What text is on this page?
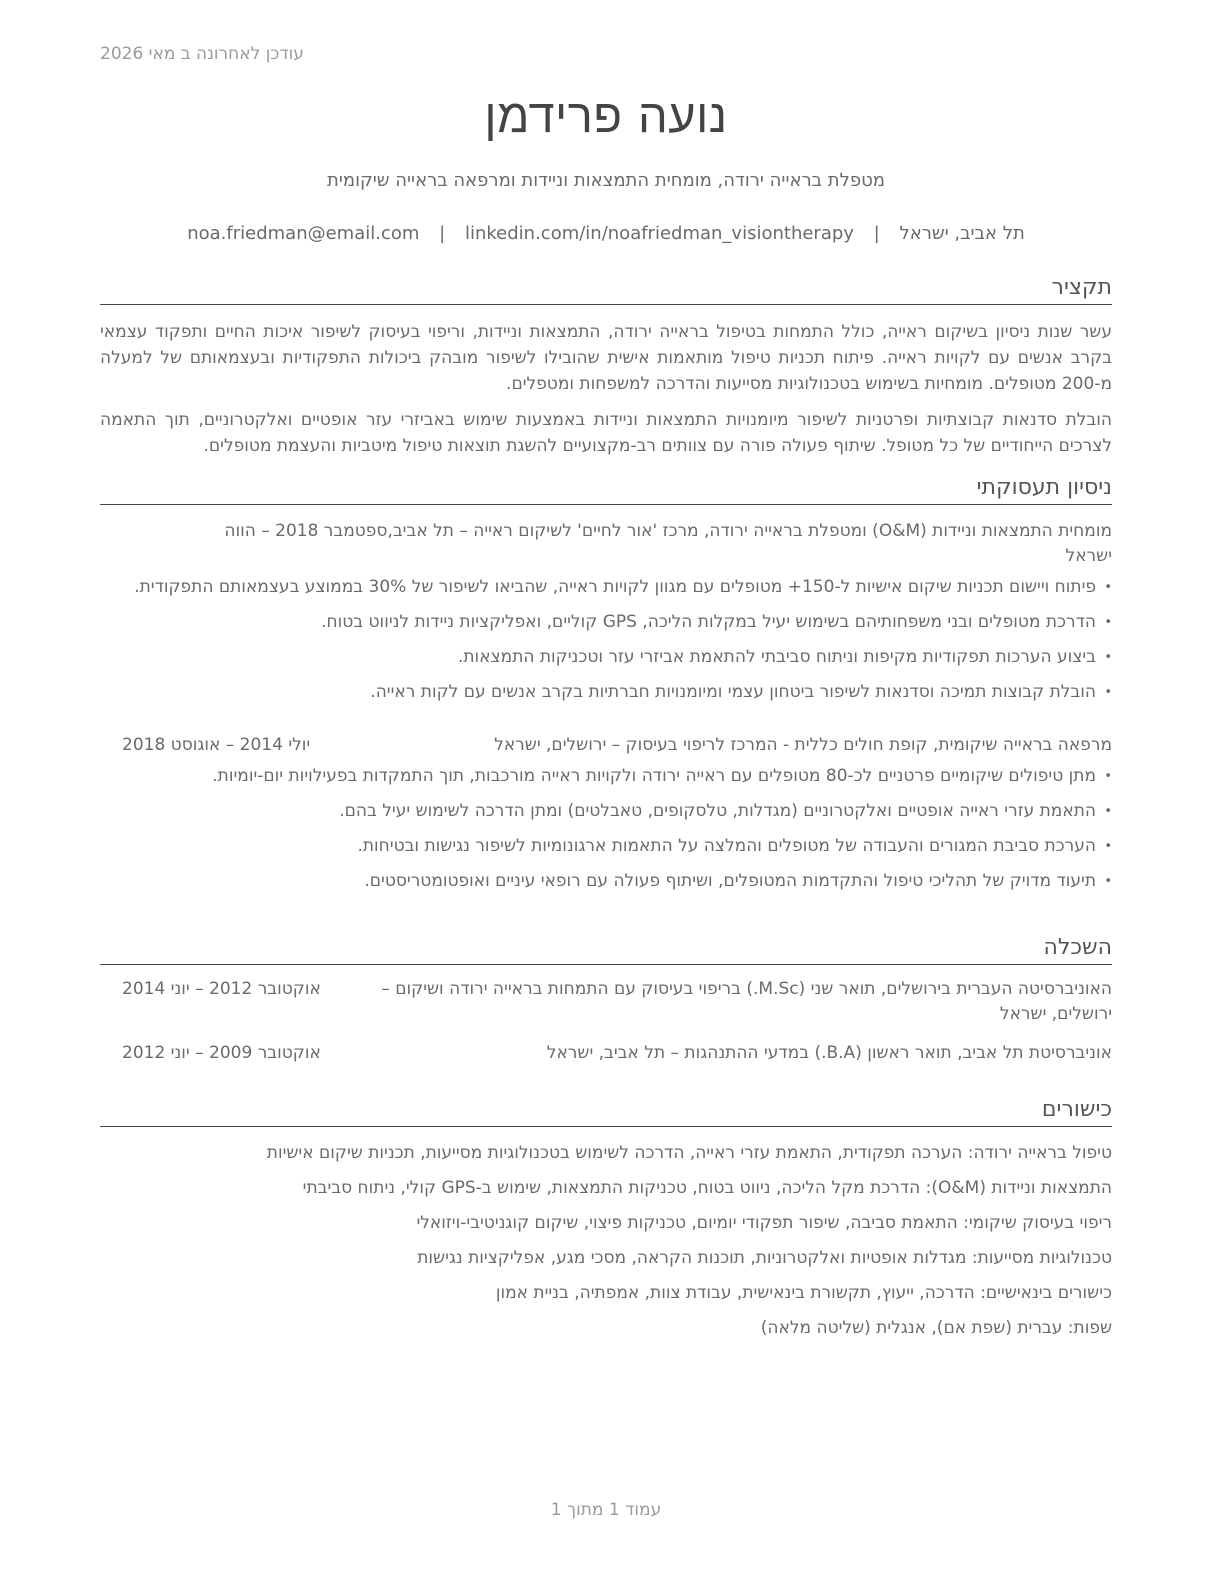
עודכן לאחרונה ב מאי 2026
נועה פרידמן
מטפלת בראייה ירודה, מומחית התמצאות וניידות ומרפאה בראייה שיקומית
תל אביב, ישראל | noa.friedman@email.com | linkedin.com/in/noafriedman_visiontherapy
תקציר

עשר שנות ניסיון בשיקום ראייה, כולל התמחות בטיפול בראייה ירודה, התמצאות וניידות, וריפוי בעיסוק לשיפור איכות החיים ותפקוד עצמאי בקרב אנשים עם לקויות ראייה. פיתוח תכניות טיפול מותאמות אישית שהובילו לשיפור מובהק ביכולות התפקודיות ובעצמאותם של למעלה מ-200 מטופלים. מומחיות בשימוש בטכנולוגיות מסייעות והדרכה למשפחות ומטפלים.

הובלת סדנאות קבוצתיות ופרטניות לשיפור מיומנויות התמצאות וניידות באמצעות שימוש באביזרי עזר אופטיים ואלקטרוניים, תוך התאמה לצרכים הייחודיים של כל מטופל. שיתוף פעולה פורה עם צוותים רב-מקצועיים להשגת תוצאות טיפול מיטביות והעצמת מטופלים.

ניסיון תעסוקתי
מומחית התמצאות וניידות (O&M) ומטפלת בראייה ירודה, מרכז 'אור לחיים' לשיקום ראייה – תל אביב,ספטמבר 2018 – הווה
ישראל
• פיתוח ויישום תכניות שיקום אישיות ל-150+ מטופלים עם מגוון לקויות ראייה, שהביאו לשיפור של 30% בממוצע בעצמאותם התפקודית.
• הדרכת מטופלים ובני משפחותיהם בשימוש יעיל במקלות הליכה, GPS קוליים, ואפליקציות ניידות לניווט בטוח.
• ביצוע הערכות תפקודיות מקיפות וניתוח סביבתי להתאמת אביזרי עזר וטכניקות התמצאות.
• הובלת קבוצות תמיכה וסדנאות לשיפור ביטחון עצמי ומיומנויות חברתיות בקרב אנשים עם לקות ראייה.
מרפאה בראייה שיקומית, קופת חולים כללית - המרכז לריפוי בעיסוק – ירושלים, ישראל
יולי 2014 – אוגוסט 2018
• מתן טיפולים שיקומיים פרטניים לכ-80 מטופלים עם ראייה ירודה ולקויות ראייה מורכבות, תוך התמקדות בפעילויות יום-יומיות.
• התאמת עזרי ראייה אופטיים ואלקטרוניים (מגדלות, טלסקופים, טאבלטים) ומתן הדרכה לשימוש יעיל בהם.
• הערכת סביבת המגורים והעבודה של מטופלים והמלצה על התאמות ארגונומיות לשיפור נגישות ובטיחות.
• תיעוד מדויק של תהליכי טיפול והתקדמות המטופלים, ושיתוף פעולה עם רופאי עיניים ואופטומטריסטים.
השכלה
האוניברסיטה העברית בירושלים, תואר שני (M.Sc.) בריפוי בעיסוק עם התמחות בראייה ירודה ושיקום – ירושלים, ישראל
אוקטובר 2012 – יוני 2014
אוניברסיטת תל אביב, תואר ראשון (B.A.) במדעי ההתנהגות – תל אביב, ישראל
אוקטובר 2009 – יוני 2012
כישורים
טיפול בראייה ירודה: הערכה תפקודית, התאמת עזרי ראייה, הדרכה לשימוש בטכנולוגיות מסייעות, תכניות שיקום אישיות
התמצאות וניידות (O&M): הדרכת מקל הליכה, ניווט בטוח, טכניקות התמצאות, שימוש ב-GPS קולי, ניתוח סביבתי
ריפוי בעיסוק שיקומי: התאמת סביבה, שיפור תפקודי יומיום, טכניקות פיצוי, שיקום קוגניטיבי-ויזואלי
טכנולוגיות מסייעות: מגדלות אופטיות ואלקטרוניות, תוכנות הקראה, מסכי מגע, אפליקציות נגישות
כישורים בינאישיים: הדרכה, ייעוץ, תקשורת בינאישית, עבודת צוות, אמפתיה, בניית אמון
שפות: עברית (שפת אם), אנגלית (שליטה מלאה)
עמוד 1 מתוך 1
